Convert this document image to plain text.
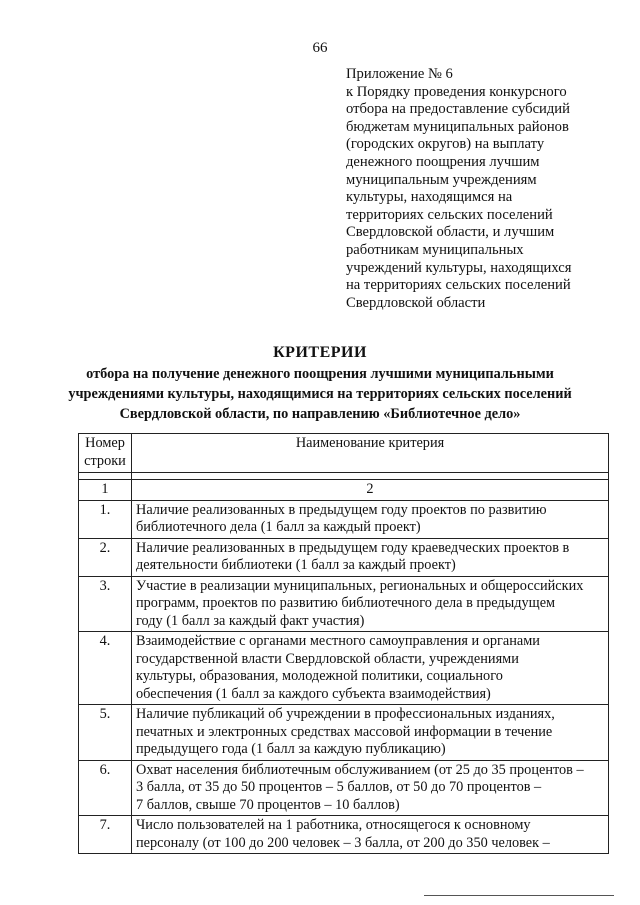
66
Приложение № 6
к Порядку проведения конкурсного
отбора на предоставление субсидий
бюджетам муниципальных районов
(городских округов) на выплату
денежного поощрения лучшим
муниципальным учреждениям
культуры, находящимся на
территориях сельских поселений
Свердловской области, и лучшим
работникам муниципальных
учреждений культуры, находящихся
на территориях сельских поселений
Свердловской области
КРИТЕРИИ
отбора на получение денежного поощрения лучшими муниципальными
учреждениями культуры, находящимися на территориях сельских поселений
Свердловской области, по направлению «Библиотечное дело»
Номер
строки	Наименование критерия

1	2
1.	Наличие реализованных в предыдущем году проектов по развитию
библиотечного дела (1 балл за каждый проект)

2.	Наличие реализованных в предыдущем году краеведческих проектов в
деятельности библиотеки (1 балл за каждый проект)

3.	Участие в реализации муниципальных, региональных и общероссийских
программ, проектов по развитию библиотечного дела в предыдущем
году (1 балл за каждый факт участия)

4.	Взаимодействие с органами местного самоуправления и органами
государственной власти Свердловской области, учреждениями
культуры, образования, молодежной политики, социального
обеспечения (1 балл за каждого субъекта взаимодействия)

5.	Наличие публикаций об учреждении в профессиональных изданиях,
печатных и электронных средствах массовой информации в течение
предыдущего года (1 балл за каждую публикацию)

6.	Охват населения библиотечным обслуживанием (от 25 до 35 процентов –
3 балла, от 35 до 50 процентов – 5 баллов, от 50 до 70 процентов –
7 баллов, свыше 70 процентов – 10 баллов)

7.	Число пользователей на 1 работника, относящегося к основному
персоналу (от 100 до 200 человек – 3 балла, от 200 до 350 человек –
